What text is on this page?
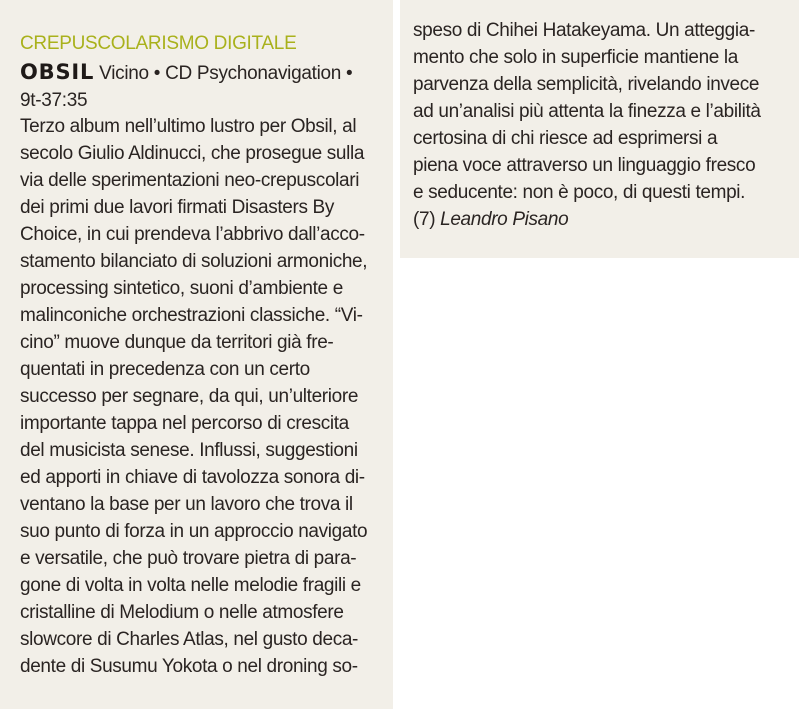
CREPUSCOLARISMO DIGITALE
OBSIL Vicino • CD Psychonavigation •
9t-37:35
Terzo album nell’ultimo lustro per Obsil, al
secolo Giulio Aldinucci, che prosegue sulla
via delle sperimentazioni neo-crepuscolari
dei primi due lavori firmati Disasters By
Choice, in cui prendeva l’abbrivo dall’acco-
stamento bilanciato di soluzioni armoniche,
processing sintetico, suoni d’ambiente e
malinconiche orchestrazioni classiche. “Vi-
cino” muove dunque da territori già fre-
quentati in precedenza con un certo
successo per segnare, da qui, un’ulteriore
importante tappa nel percorso di crescita
del musicista senese. Influssi, suggestioni
ed apporti in chiave di tavolozza sonora di-
ventano la base per un lavoro che trova il
suo punto di forza in un approccio navigato
e versatile, che può trovare pietra di para-
gone di volta in volta nelle melodie fragili e
cristalline di Melodium o nelle atmosfere
slowcore di Charles Atlas, nel gusto deca-
dente di Susumu Yokota o nel droning so-
speso di Chihei Hatakeyama. Un atteggia-
mento che solo in superficie mantiene la
parvenza della semplicità, rivelando invece
ad un’analisi più attenta la finezza e l’abilità
certosina di chi riesce ad esprimersi a
piena voce attraverso un linguaggio fresco
e seducente: non è poco, di questi tempi.
(7) Leandro Pisano
